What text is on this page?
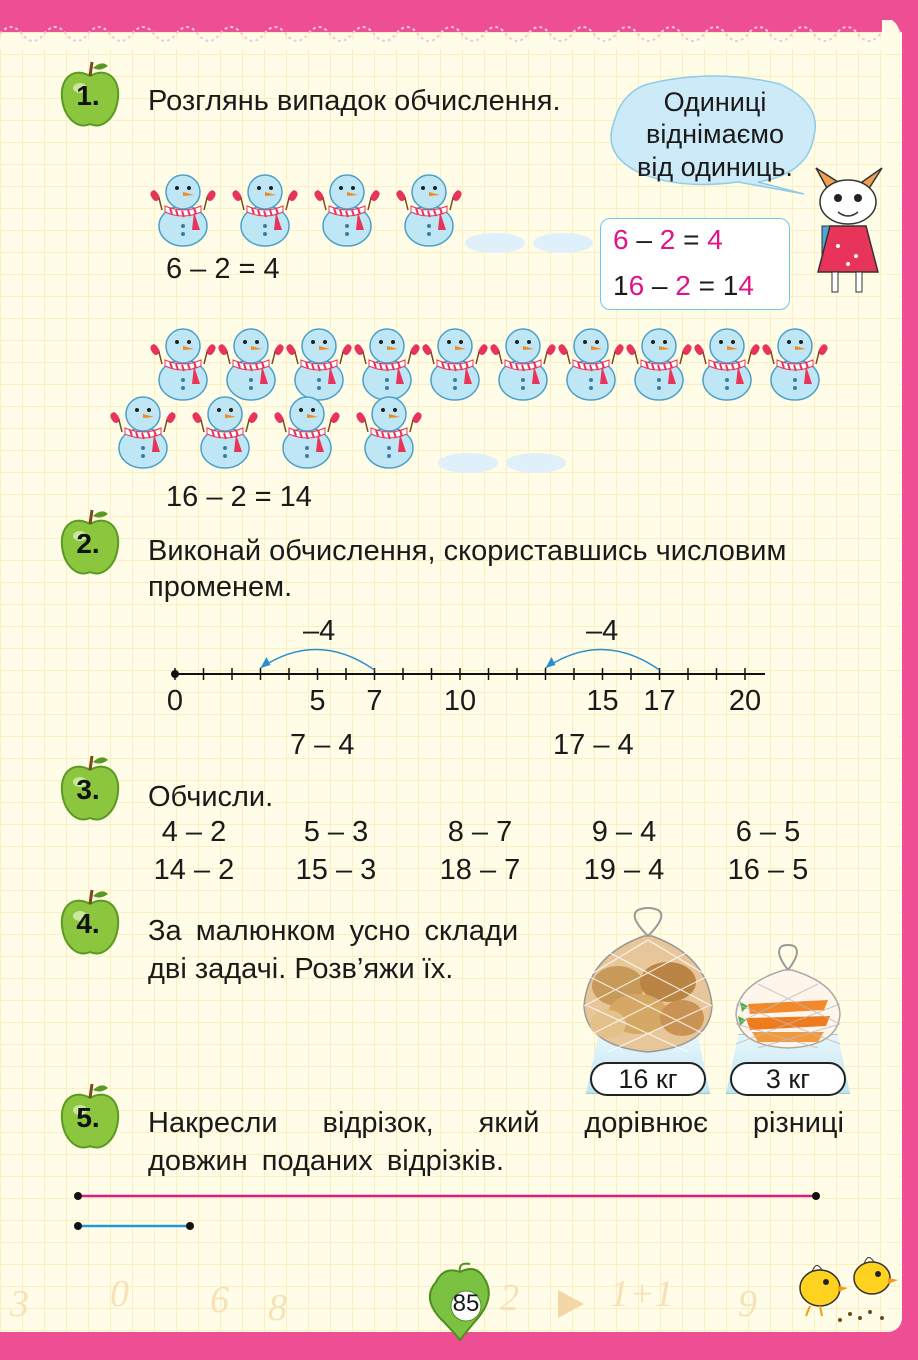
1.	Розглянь випадок обчислення.	Одиниці
віднімаємо
від одиниць.
6 – 2 = 4
6 – 2 = 4
16 – 2 = 14
16 – 2 = 14
2.	Виконай обчислення, скориставшись числовим
променем.
–4	–4
0	5	7	10	15 17 20
7 – 4	17 – 4
3.	Обчисли.
4 – 2	5 – 3	8 – 7	9 – 4	6 – 5
14 – 2	15 – 3	18 – 7	19 – 4	16 – 5
4.	За малюнком усно склади
дві задачі. Розв’яжи їх.
16 кг	3 кг
5.	Накресли відрізок, який дорівнює різниці
довжин поданих відрізків.
3 0 6 8	2 1+1 9
85
